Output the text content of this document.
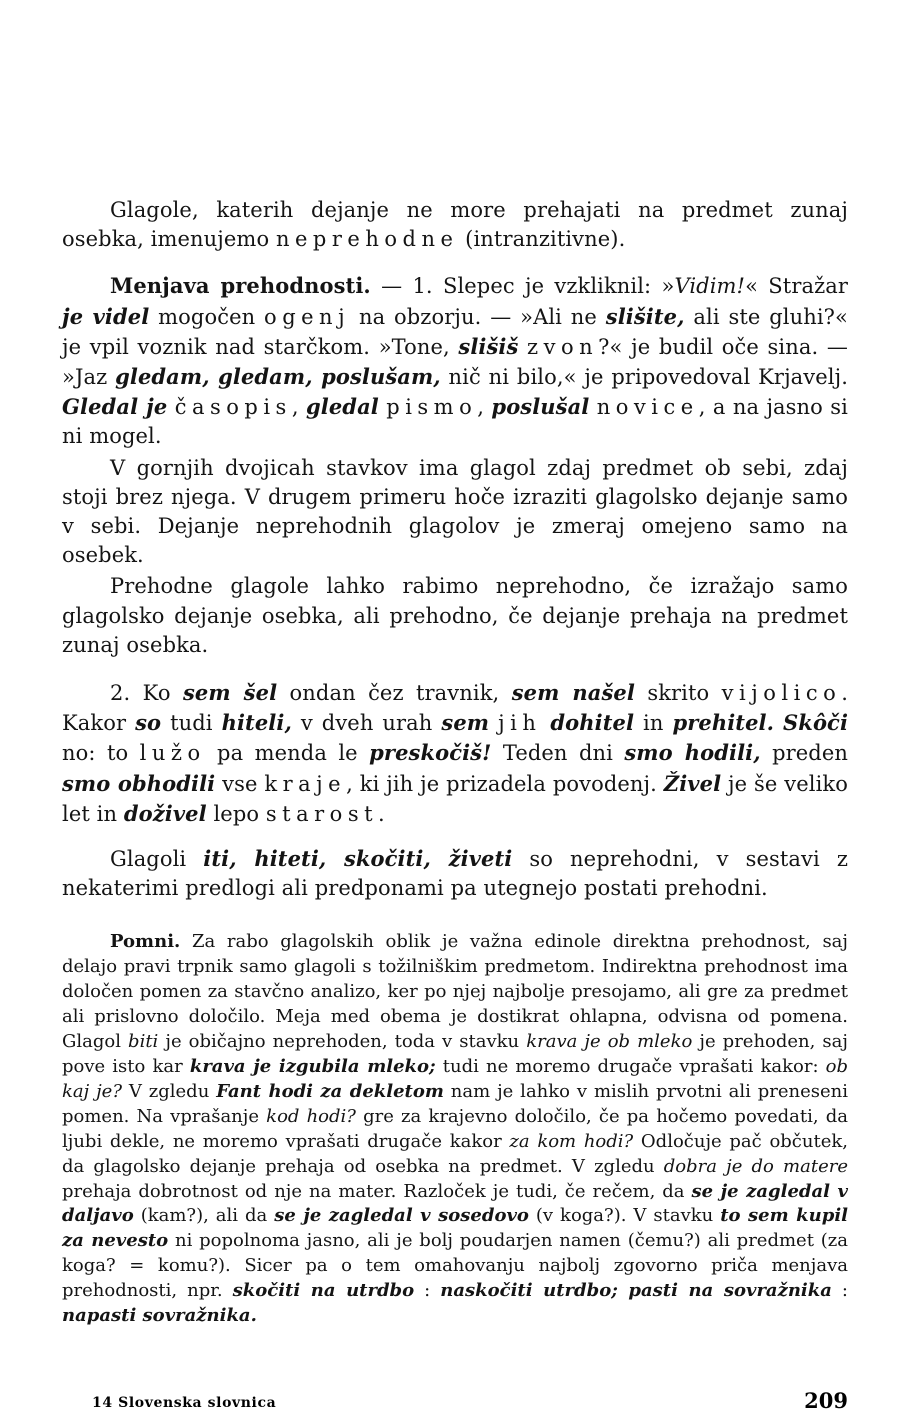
Glagole, katerih dejanje ne more prehajati na predmet zunaj osebka, imenujemo neprehodne (intranzitivne).

Menjava prehodnosti. — 1. Slepec je vzkliknil: »Vidim!« Stražar je videl mogočen ogenj na obzorju. — »Ali ne slišite, ali ste gluhi?« je vpil voznik nad starčkom. »Tone, slišiš zvon?« je budil oče sina. — »Jaz gledam, gledam, poslušam, nič ni bilo,« je pripovedoval Krjavelj. Gledal je časopis, gledal pismo, poslušal novice, a na jasno si ni mogel.

V gornjih dvojicah stavkov ima glagol zdaj predmet ob sebi, zdaj stoji brez njega. V drugem primeru hoče izraziti glagolsko dejanje samo v sebi. Dejanje neprehodnih glagolov je zmeraj omejeno samo na osebek.

Prehodne glagole lahko rabimo neprehodno, če izražajo samo glagolsko dejanje osebka, ali prehodno, če dejanje prehaja na predmet zunaj osebka.

2. Ko sem šel ondan čez travnik, sem našel skrito vijolico. Kakor so tudi hiteli, v dveh urah sem jih dohitel in prehitel. Skôči no: to lužo pa menda le preskočiš! Teden dni smo hodili, preden smo obhodili vse kraje, ki jih je prizadela povodenj. Živel je še veliko let in doživel lepo starost.

Glagoli iti, hiteti, skočiti, živeti so neprehodni, v sestavi z nekaterimi predlogi ali predponami pa utegnejo postati prehodni.

Pomni. Za rabo glagolskih oblik je važna edinole direktna prehodnost, saj delajo pravi trpnik samo glagoli s tožilniškim predmetom. Indirektna prehodnost ima določen pomen za stavčno analizo, ker po njej najbolje presojamo, ali gre za predmet ali prislovno določilo. Meja med obema je dostikrat ohlapna, odvisna od pomena. Glagol biti je običajno neprehoden, toda v stavku krava je ob mleko je prehoden, saj pove isto kar krava je izgubila mleko; tudi ne moremo drugače vprašati kakor: ob kaj je? V zgledu Fant hodi za dekletom nam je lahko v mislih prvotni ali preneseni pomen. Na vprašanje kod hodi? gre za krajevno določilo, če pa hočemo povedati, da ljubi dekle, ne moremo vprašati drugače kakor za kom hodi? Odločuje pač občutek, da glagolsko dejanje prehaja od osebka na predmet. V zgledu dobra je do matere prehaja dobrotnost od nje na mater. Razloček je tudi, če rečem, da se je zagledal v daljavo (kam?), ali da se je zagledal v sosedovo (v koga?). V stavku to sem kupil za nevesto ni popolnoma jasno, ali je bolj poudarjen namen (čemu?) ali predmet (za koga? = komu?). Sicer pa o tem omahovanju najbolj zgovorno priča menjava prehodnosti, npr. skočiti na utrdbo : naskočiti utrdbo; pasti na sovražnika : napasti sovražnika.

14 Slovenska slovnica	209
